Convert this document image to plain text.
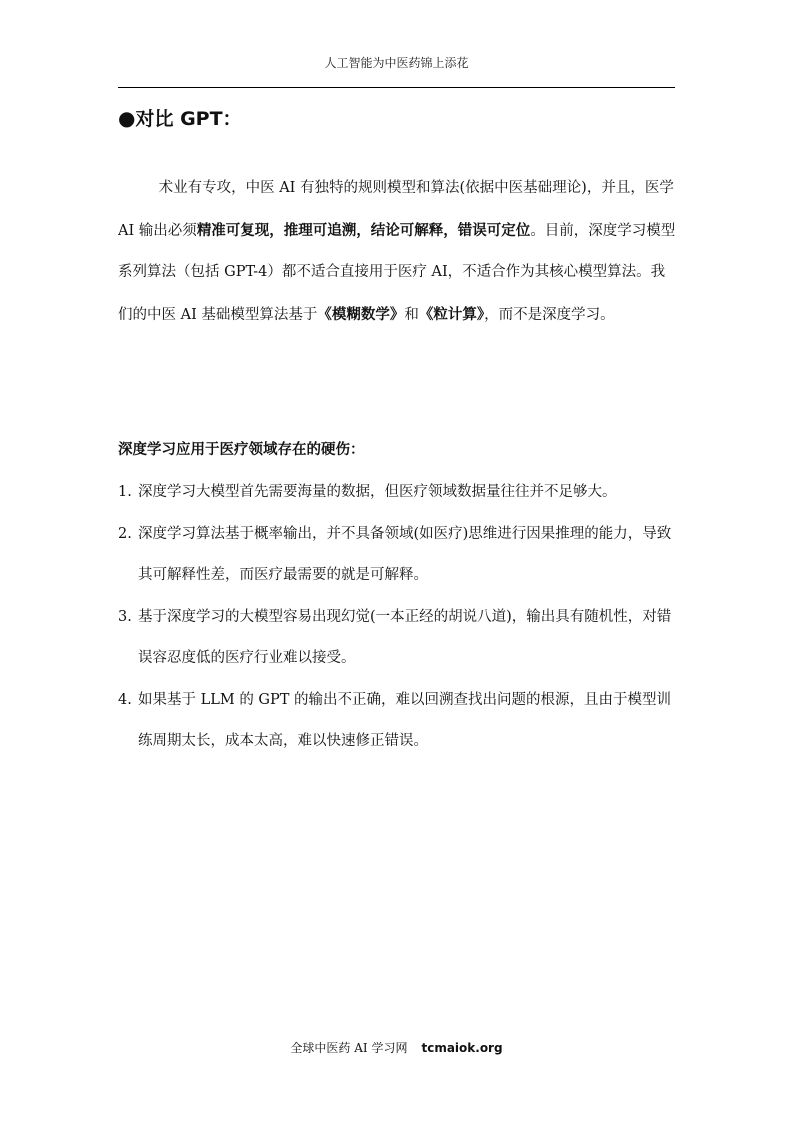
人工智能为中医药锦上添花
●对比 GPT：
术业有专攻，中医 AI 有独特的规则模型和算法(依据中医基础理论)，并且，医学 AI 输出必须精准可复现，推理可追溯，结论可解释，错误可定位。目前，深度学习模型系列算法（包括 GPT-4）都不适合直接用于医疗 AI，不适合作为其核心模型算法。我们的中医 AI 基础模型算法基于《模糊数学》和《粒计算》，而不是深度学习。
深度学习应用于医疗领域存在的硬伤：
1. 深度学习大模型首先需要海量的数据，但医疗领域数据量往往并不足够大。
2. 深度学习算法基于概率输出，并不具备领域(如医疗)思维进行因果推理的能力，导致其可解释性差，而医疗最需要的就是可解释。
3. 基于深度学习的大模型容易出现幻觉(一本正经的胡说八道)，输出具有随机性，对错误容忍度低的医疗行业难以接受。
4. 如果基于 LLM 的 GPT 的输出不正确，难以回溯查找出问题的根源，且由于模型训练周期太长，成本太高，难以快速修正错误。
全球中医药 AI 学习网 tcmaiok.org
